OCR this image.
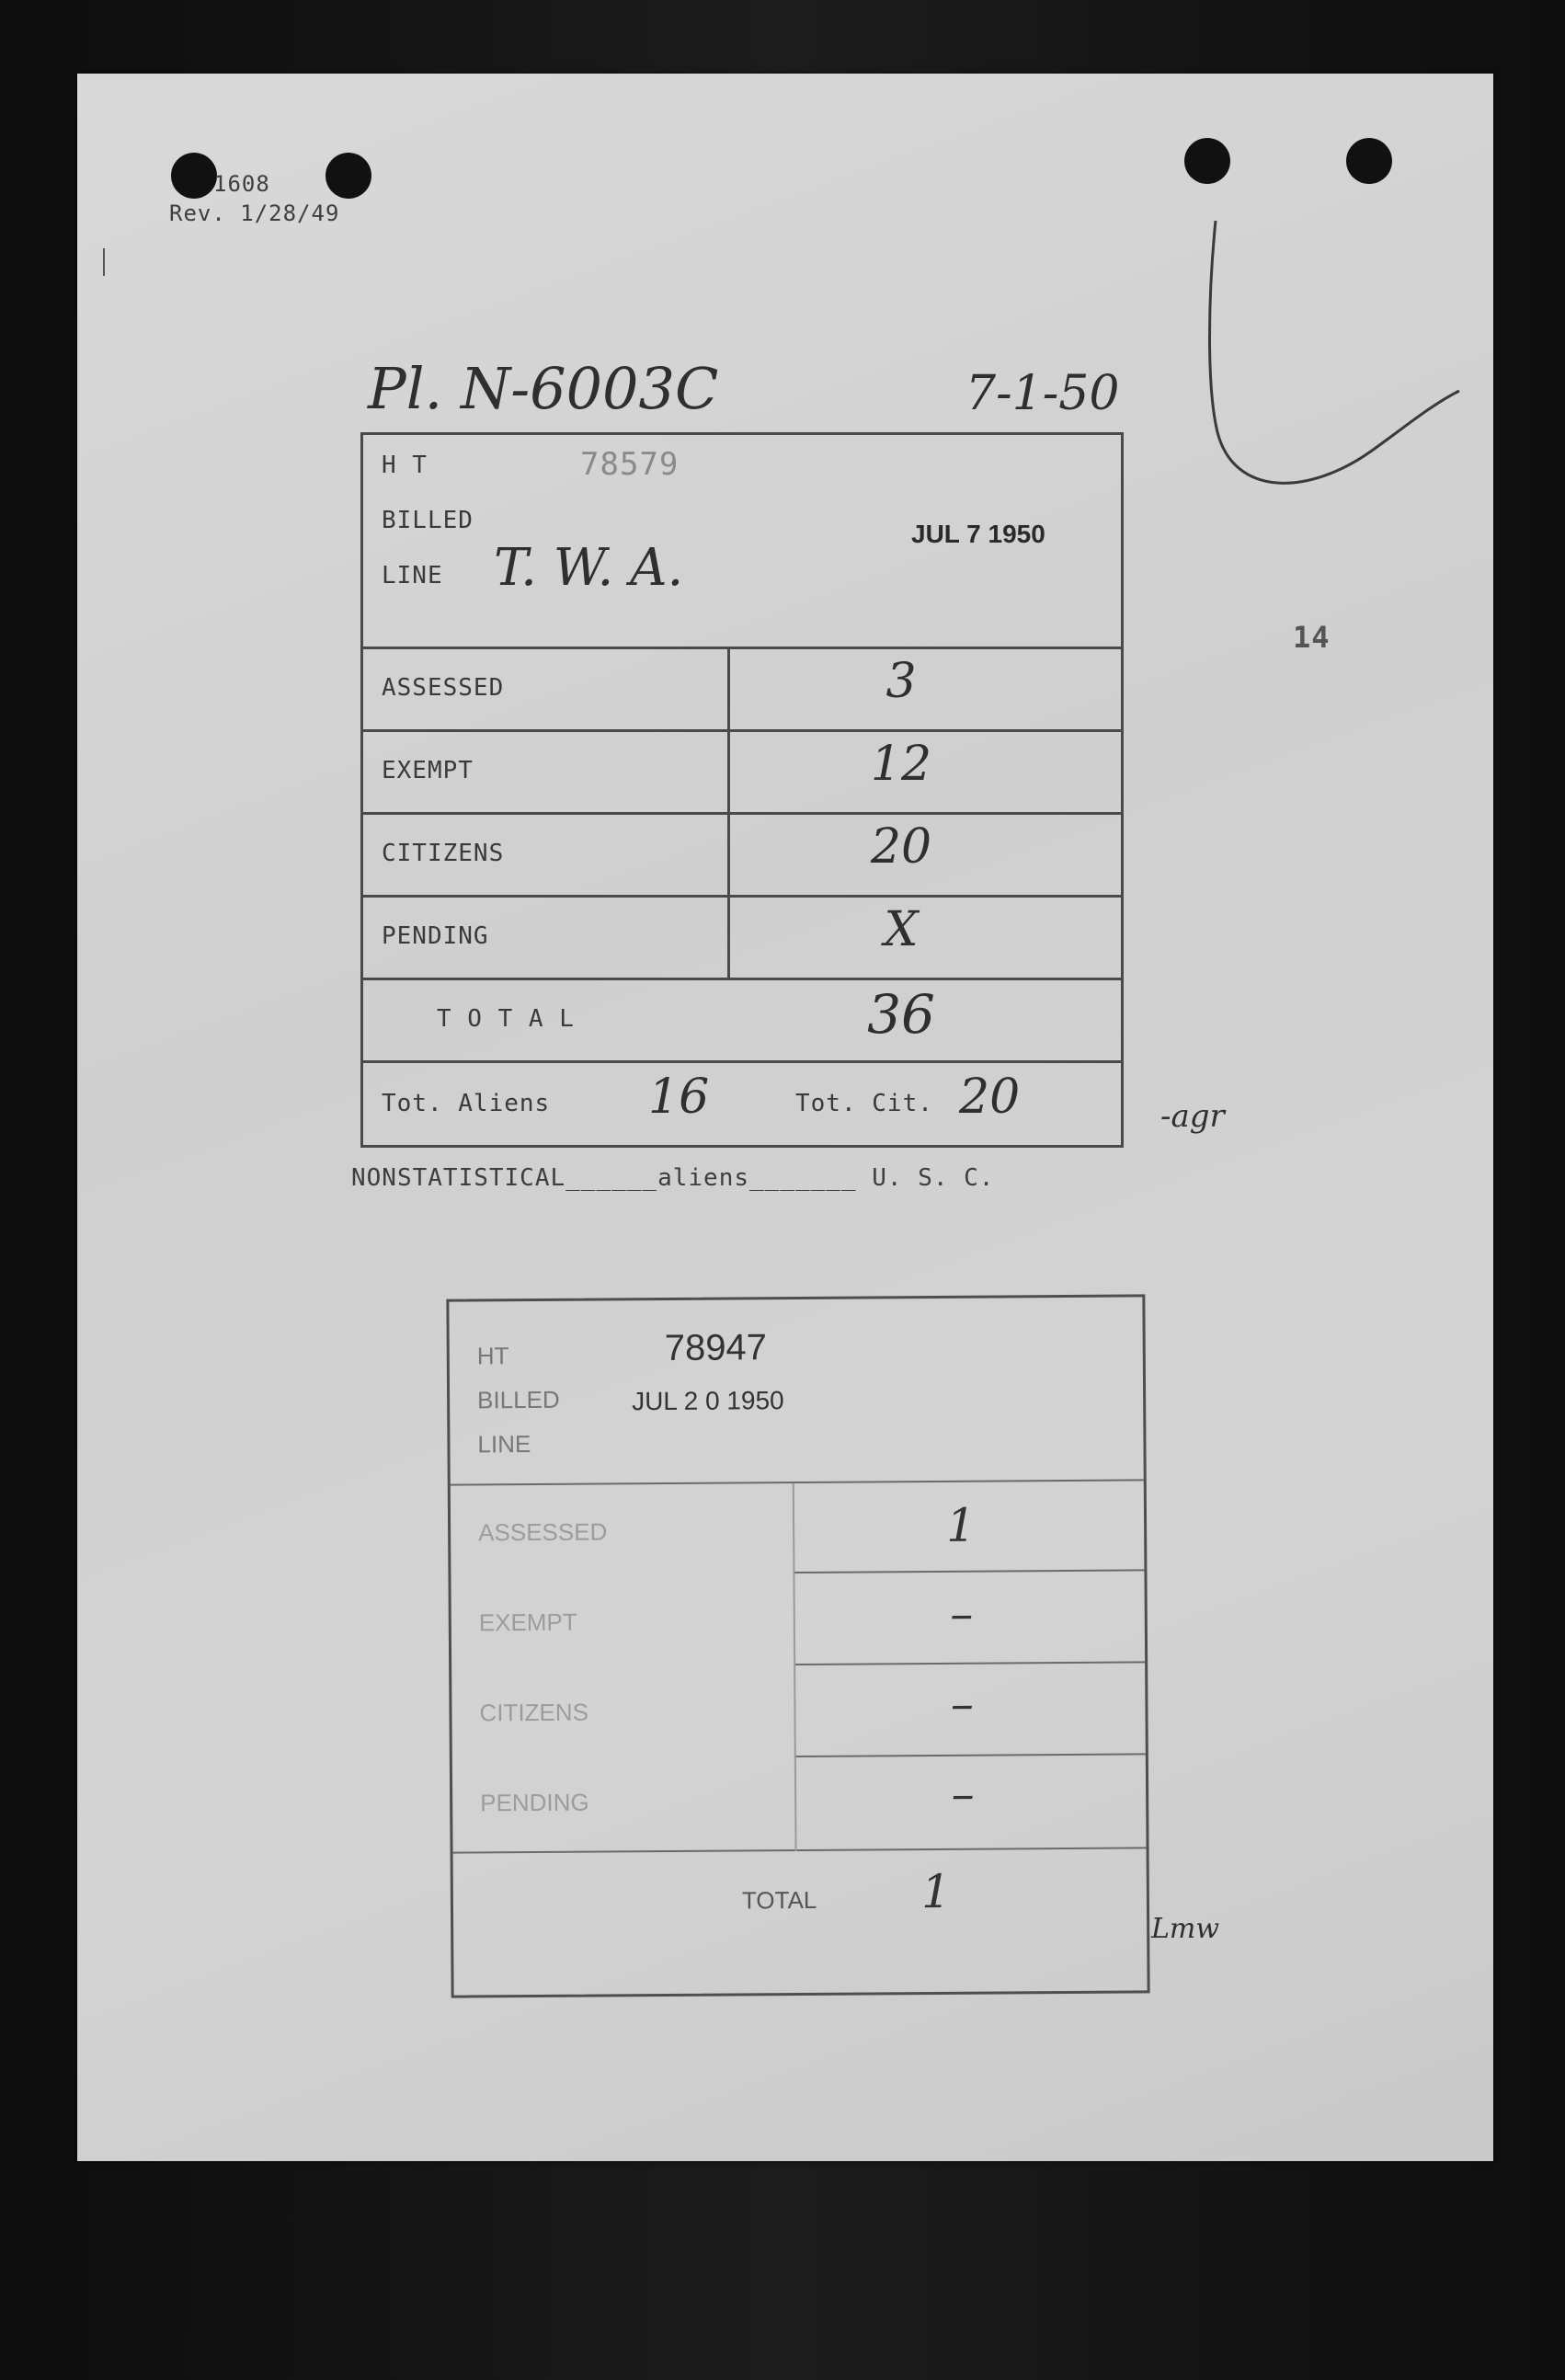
1608
Rev. 1/28/49
Pl. N-6003C	7-1-50
14
-agr
NONSTATISTICAL______aliens_______ U. S. C.
Lmw
H T	78579
BILLED
LINE T. W. A.
JUL 7 1950
ASSESSED	3
EXEMPT	12
CITIZENS	20
PENDING	X
T O T A L	36
Tot. Aliens 16	Tot. Cit. 20
HT	78947
BILLED	JUL 2 0 1950
LINE
ASSESSED	1
EXEMPT	–
CITIZENS	–
PENDING	–
TOTAL	1
